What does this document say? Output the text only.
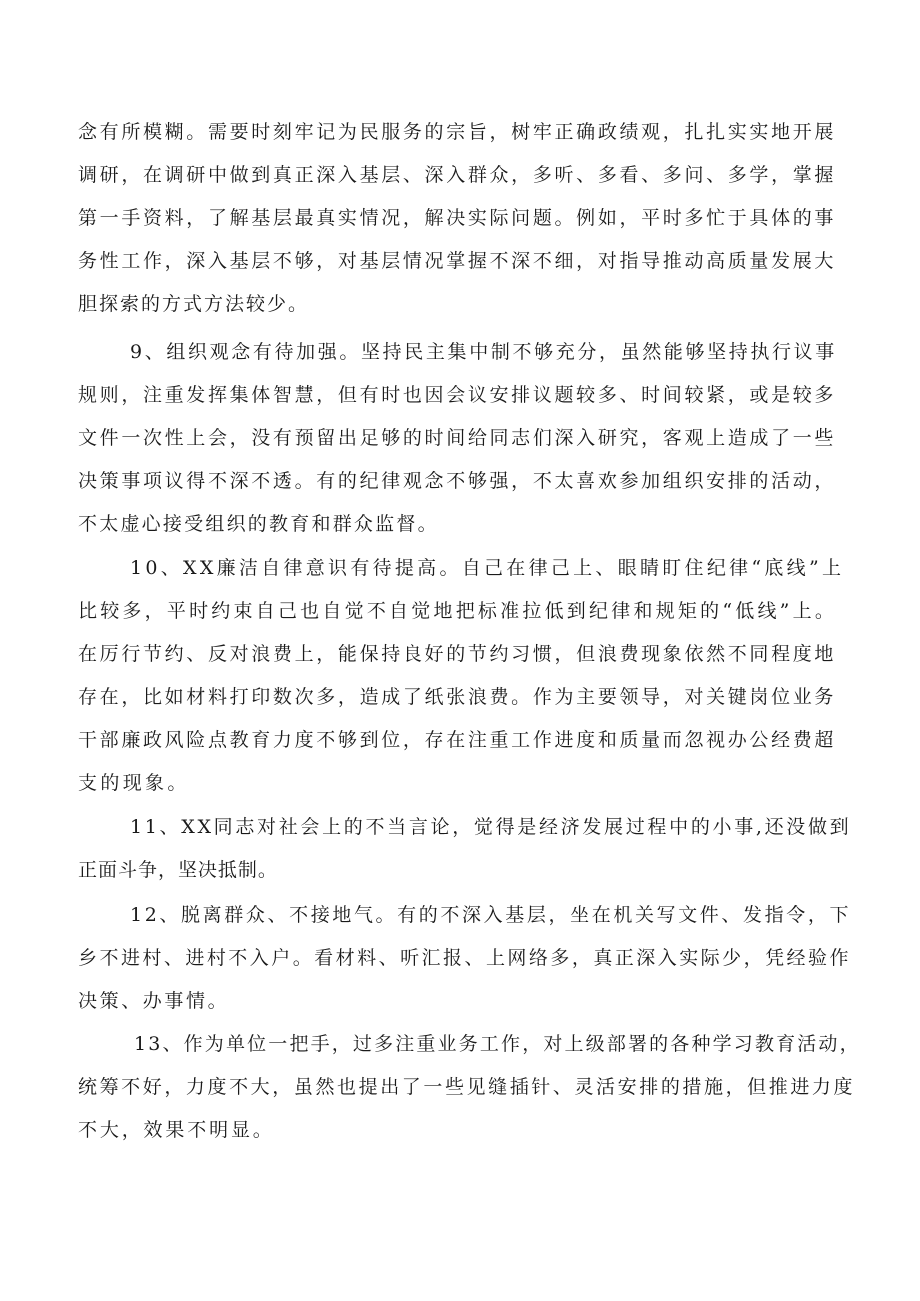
念有所模糊。需要时刻牢记为民服务的宗旨，树牢正确政绩观，扎扎实实地开展
调研，在调研中做到真正深入基层、深入群众，多听、多看、多问、多学，掌握
第一手资料，了解基层最真实情况，解决实际问题。例如，平时多忙于具体的事
务性工作，深入基层不够，对基层情况掌握不深不细，对指导推动高质量发展大
胆探索的方式方法较少。
9、组织观念有待加强。坚持民主集中制不够充分，虽然能够坚持执行议事
规则，注重发挥集体智慧，但有时也因会议安排议题较多、时间较紧，或是较多
文件一次性上会，没有预留出足够的时间给同志们深入研究，客观上造成了一些
决策事项议得不深不透。有的纪律观念不够强，不太喜欢参加组织安排的活动，
不太虚心接受组织的教育和群众监督。
10、XX廉洁自律意识有待提高。自己在律己上、眼睛盯住纪律“底线”上
比较多，平时约束自己也自觉不自觉地把标准拉低到纪律和规矩的“低线”上。
在厉行节约、反对浪费上，能保持良好的节约习惯，但浪费现象依然不同程度地
存在，比如材料打印数次多，造成了纸张浪费。作为主要领导，对关键岗位业务
干部廉政风险点教育力度不够到位，存在注重工作进度和质量而忽视办公经费超
支的现象。
11、XX同志对社会上的不当言论，觉得是经济发展过程中的小事,还没做到
正面斗争，坚决抵制。
12、脱离群众、不接地气。有的不深入基层，坐在机关写文件、发指令，下
乡不进村、进村不入户。看材料、听汇报、上网络多，真正深入实际少，凭经验作
决策、办事情。
13、作为单位一把手，过多注重业务工作，对上级部署的各种学习教育活动，
统筹不好，力度不大，虽然也提出了一些见缝插针、灵活安排的措施，但推进力度
不大，效果不明显。
